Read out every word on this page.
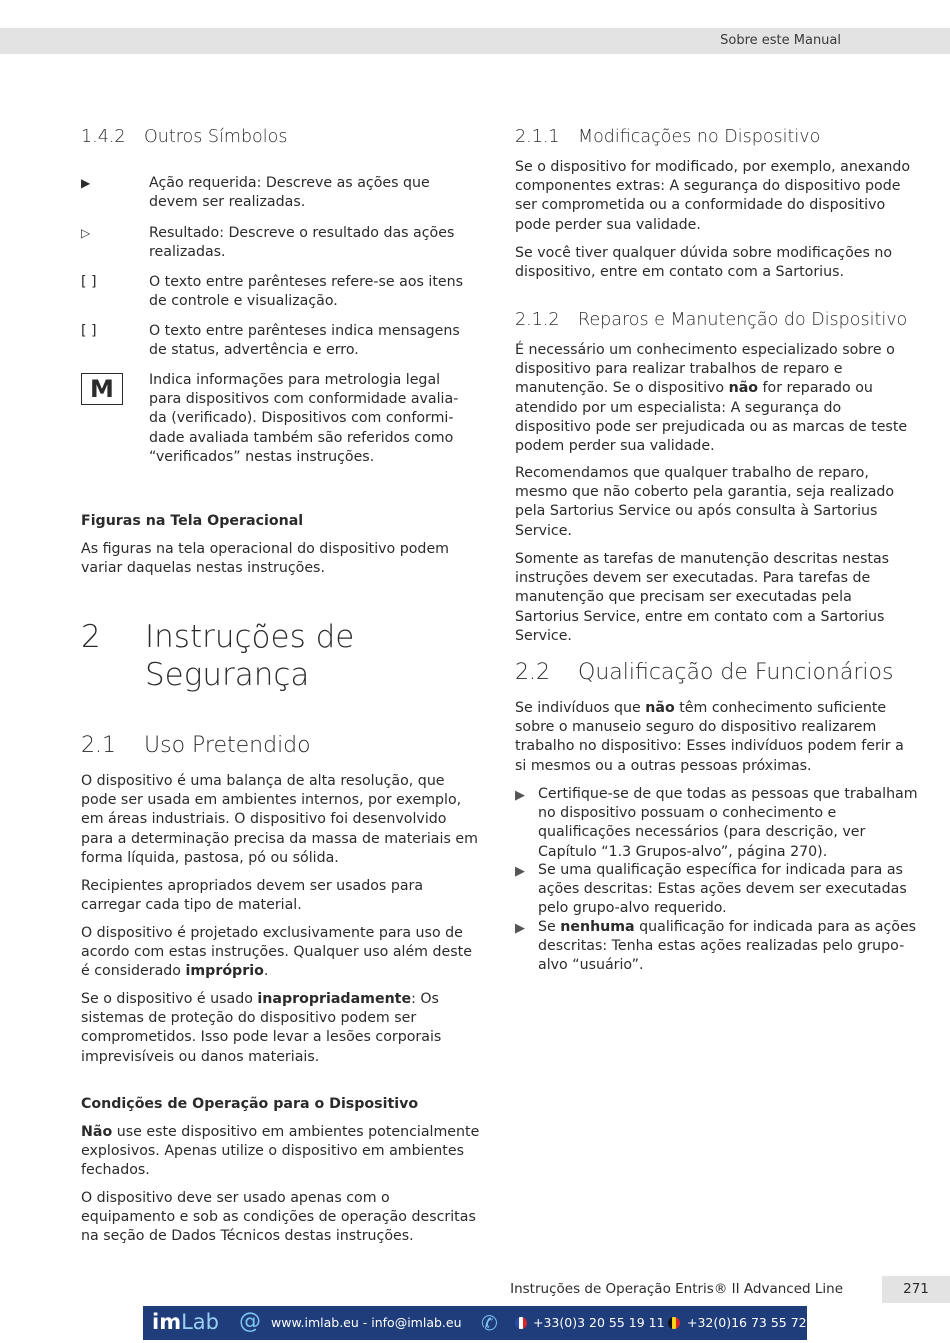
Sobre este Manual
1.4.2 Outros Símbolos
▶	Ação requerida: Descreve as ações que devem ser realizadas.
▷	Resultado: Descreve o resultado das ações realizadas.
[ ]	O texto entre parênteses refere-se aos itens de controle e visualização.
[ ]	O texto entre parênteses indica mensagens de status, advertência e erro.
M	Indica informações para metrologia legal para dispositivos com conformidade avaliada (verificado). Dispositivos com conformidade avaliada também são referidos como “verificados” nestas instruções.
Figuras na Tela Operacional

As figuras na tela operacional do dispositivo podem variar daquelas nestas instruções.

2 Instruções de
Segurança
2.1 Uso Pretendido

O dispositivo é uma balança de alta resolução, que pode ser usada em ambientes internos, por exemplo, em áreas industriais. O dispositivo foi desenvolvido para a determinação precisa da massa de materiais em forma líquida, pastosa, pó ou sólida.

Recipientes apropriados devem ser usados para carregar cada tipo de material.

O dispositivo é projetado exclusivamente para uso de acordo com estas instruções. Qualquer uso além deste é considerado impróprio.

Se o dispositivo é usado inapropriadamente: Os sistemas de proteção do dispositivo podem ser comprometidos. Isso pode levar a lesões corporais imprevisíveis ou danos materiais.

Condições de Operação para o Dispositivo

Não use este dispositivo em ambientes potencialmente explosivos. Apenas utilize o dispositivo em ambientes fechados.

O dispositivo deve ser usado apenas com o equipamento e sob as condições de operação descritas na seção de Dados Técnicos destas instruções.

2.1.1 Modificações no Dispositivo

Se o dispositivo for modificado, por exemplo, anexando componentes extras: A segurança do dispositivo pode ser comprometida ou a conformidade do dispositivo pode perder sua validade.

Se você tiver qualquer dúvida sobre modificações no dispositivo, entre em contato com a Sartorius.

2.1.2 Reparos e Manutenção do Dispositivo

É necessário um conhecimento especializado sobre o dispositivo para realizar trabalhos de reparo e manutenção. Se o dispositivo não for reparado ou atendido por um especialista: A segurança do dispositivo pode ser prejudicada ou as marcas de teste podem perder sua validade.

Recomendamos que qualquer trabalho de reparo, mesmo que não coberto pela garantia, seja realizado pela Sartorius Service ou após consulta à Sartorius Service.

Somente as tarefas de manutenção descritas nestas instruções devem ser executadas. Para tarefas de manutenção que precisam ser executadas pela Sartorius Service, entre em contato com a Sartorius Service.

2.2 Qualificação de Funcionários

Se indivíduos que não têm conhecimento suficiente sobre o manuseio seguro do dispositivo realizarem trabalho no dispositivo: Esses indivíduos podem ferir a si mesmos ou a outras pessoas próximas.

▶ Certifique-se de que todas as pessoas que trabalham no dispositivo possuam o conhecimento e qualificações necessários (para descrição, ver Capítulo “1.3 Grupos-alvo”, página 270).
▶ Se uma qualificação específica for indicada para as ações descritas: Estas ações devem ser executadas pelo grupo-alvo requerido.
▶ Se nenhuma qualificação for indicada para as ações descritas: Tenha estas ações realizadas pelo grupo-alvo “usuário”.
Instruções de Operação Entris® II Advanced Line	271
imLab @ www.imlab.eu - info@imlab.eu ✆	+33(0)3 20 55 19 11 +32(0)16 73 55 72
